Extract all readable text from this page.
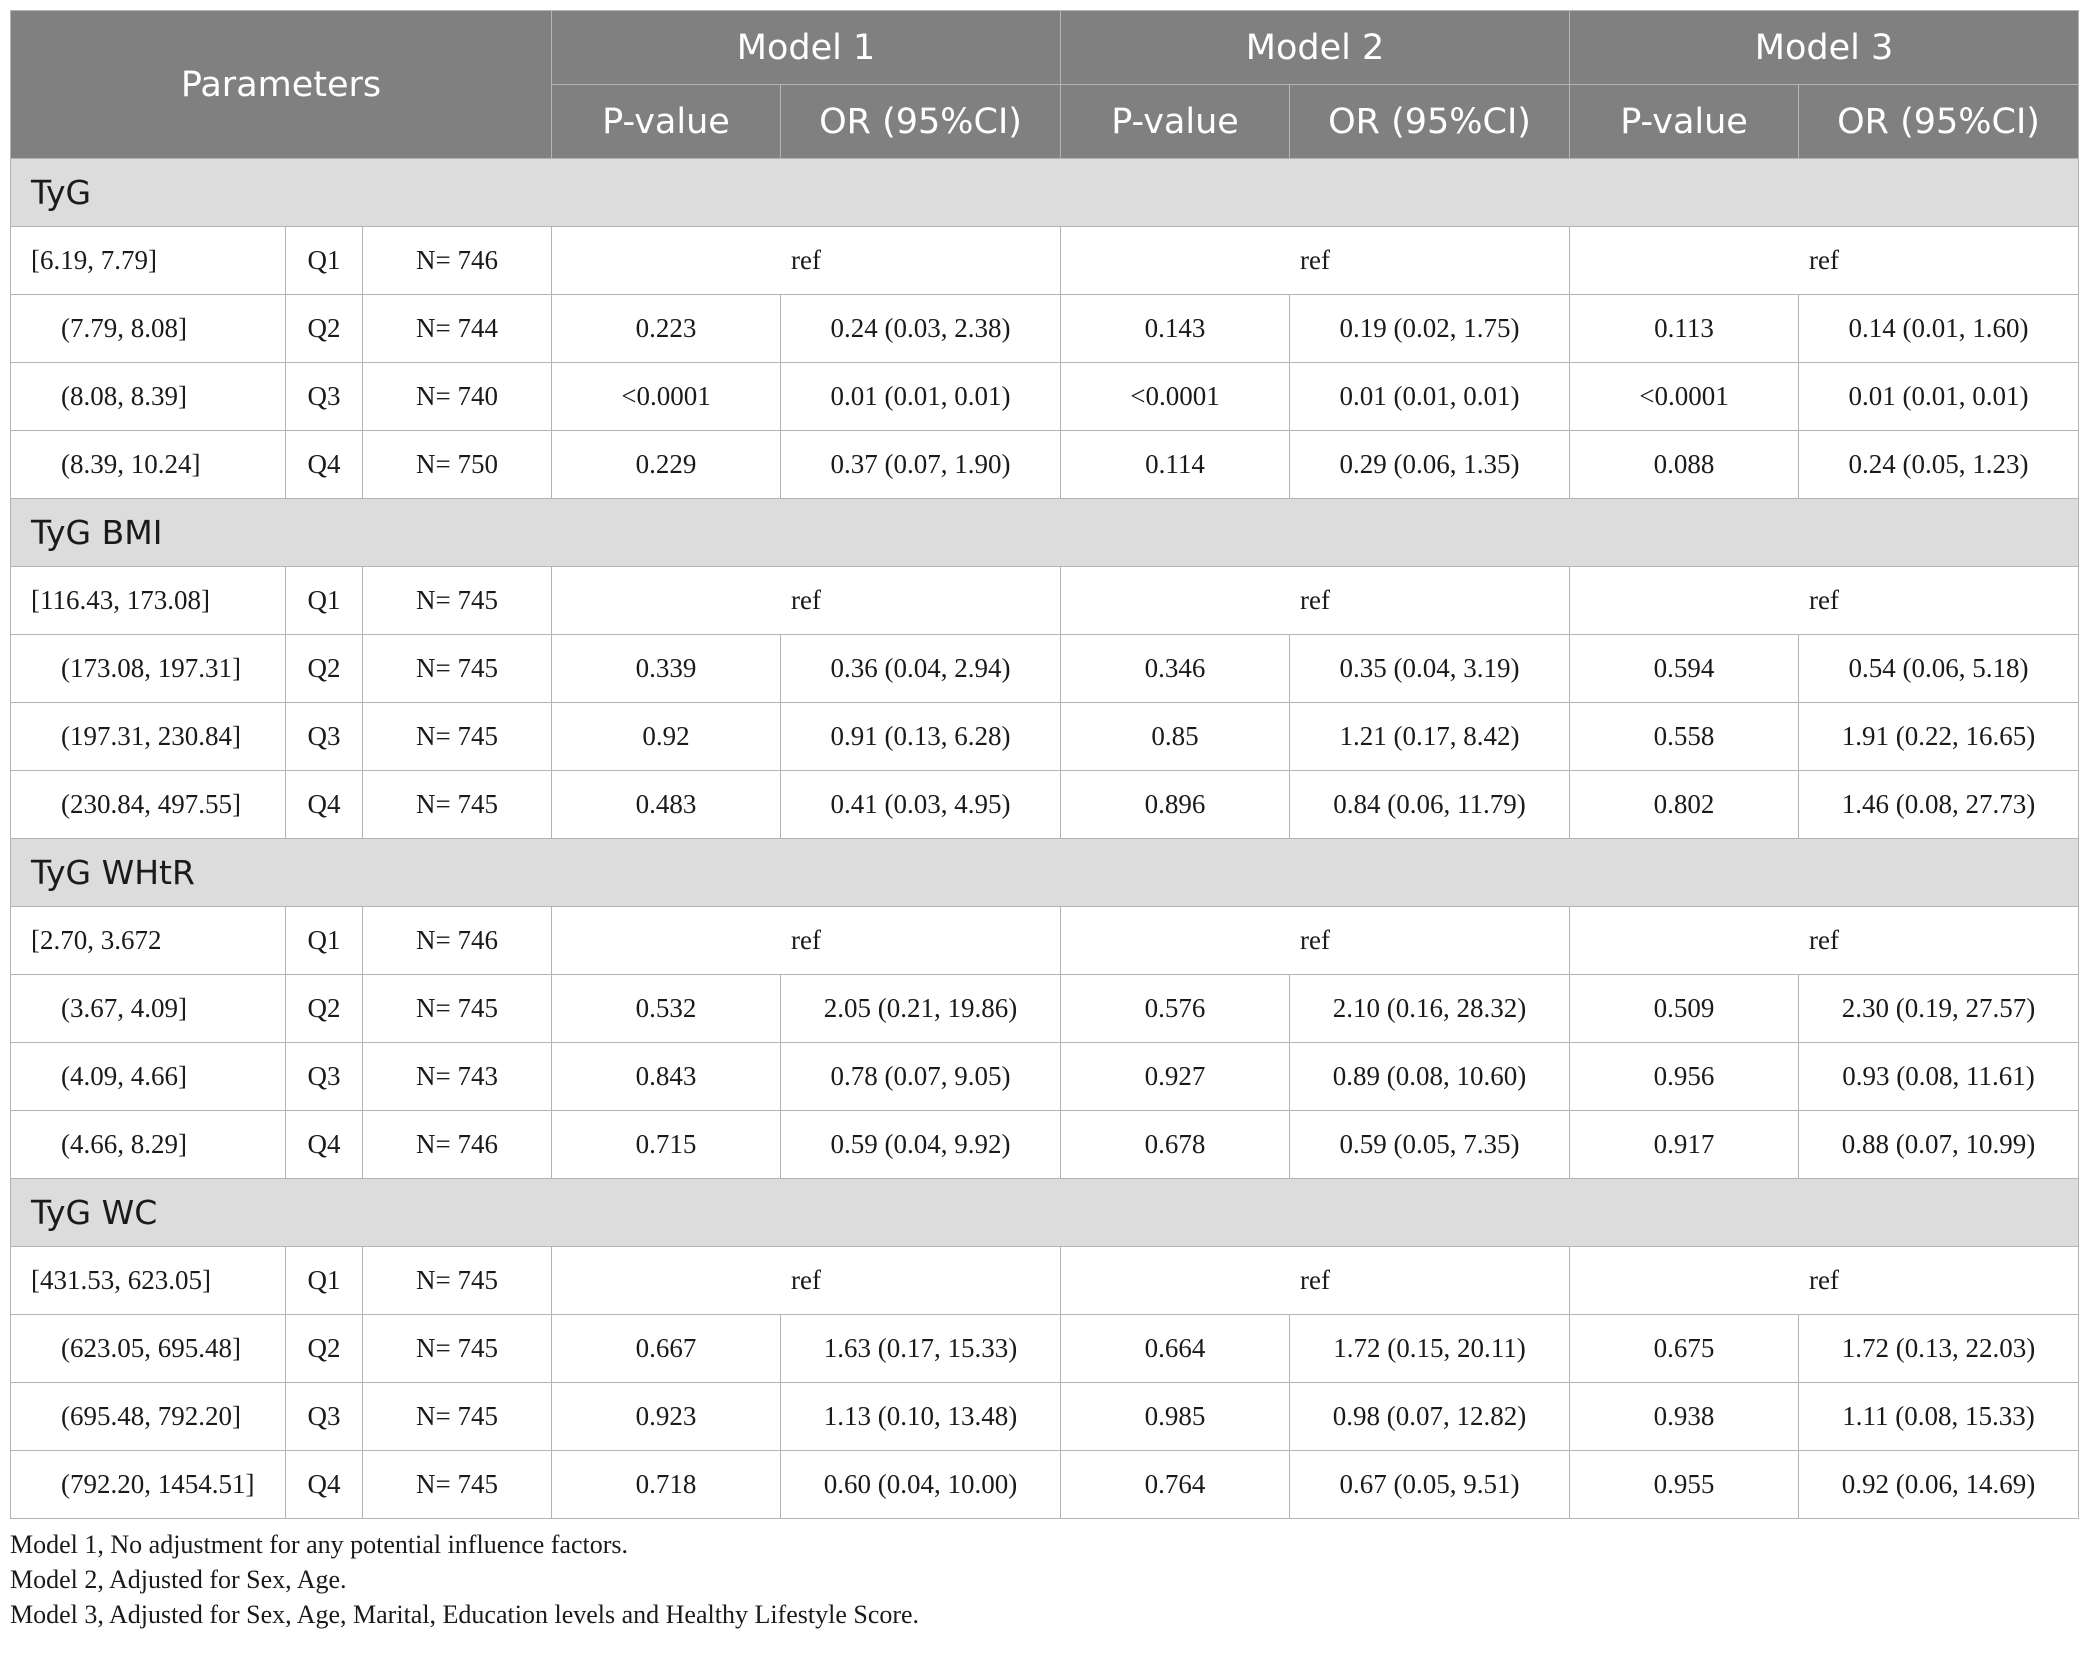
Parameters			Model 1		Model 2		Model 3	
			P-value	OR (95%CI)	P-value	OR (95%CI)	P-value	OR (95%CI)
TyG								
[6.19, 7.79]	Q1	N= 746	ref		ref		ref	
(7.79, 8.08]	Q2	N= 744	0.223	0.24 (0.03, 2.38)	0.143	0.19 (0.02, 1.75)	0.113	0.14 (0.01, 1.60)
(8.08, 8.39]	Q3	N= 740	<0.0001	0.01 (0.01, 0.01)	<0.0001	0.01 (0.01, 0.01)	<0.0001	0.01 (0.01, 0.01)
(8.39, 10.24]	Q4	N= 750	0.229	0.37 (0.07, 1.90)	0.114	0.29 (0.06, 1.35)	0.088	0.24 (0.05, 1.23)
TyG BMI								
[116.43, 173.08]	Q1	N= 745	ref		ref		ref	
(173.08, 197.31]	Q2	N= 745	0.339	0.36 (0.04, 2.94)	0.346	0.35 (0.04, 3.19)	0.594	0.54 (0.06, 5.18)
(197.31, 230.84]	Q3	N= 745	0.92	0.91 (0.13, 6.28)	0.85	1.21 (0.17, 8.42)	0.558	1.91 (0.22, 16.65)
(230.84, 497.55]	Q4	N= 745	0.483	0.41 (0.03, 4.95)	0.896	0.84 (0.06, 11.79)	0.802	1.46 (0.08, 27.73)
TyG WHtR								
[2.70, 3.672	Q1	N= 746	ref		ref		ref	
(3.67, 4.09]	Q2	N= 745	0.532	2.05 (0.21, 19.86)	0.576	2.10 (0.16, 28.32)	0.509	2.30 (0.19, 27.57)
(4.09, 4.66]	Q3	N= 743	0.843	0.78 (0.07, 9.05)	0.927	0.89 (0.08, 10.60)	0.956	0.93 (0.08, 11.61)
(4.66, 8.29]	Q4	N= 746	0.715	0.59 (0.04, 9.92)	0.678	0.59 (0.05, 7.35)	0.917	0.88 (0.07, 10.99)
TyG WC								
[431.53, 623.05]	Q1	N= 745	ref		ref		ref	
(623.05, 695.48]	Q2	N= 745	0.667	1.63 (0.17, 15.33)	0.664	1.72 (0.15, 20.11)	0.675	1.72 (0.13, 22.03)
(695.48, 792.20]	Q3	N= 745	0.923	1.13 (0.10, 13.48)	0.985	0.98 (0.07, 12.82)	0.938	1.11 (0.08, 15.33)
(792.20, 1454.51]	Q4	N= 745	0.718	0.60 (0.04, 10.00)	0.764	0.67 (0.05, 9.51)	0.955	0.92 (0.06, 14.69)
Model 1, No adjustment for any potential influence factors.
Model 2, Adjusted for Sex, Age.
Model 3, Adjusted for Sex, Age, Marital, Education levels and Healthy Lifestyle Score.
